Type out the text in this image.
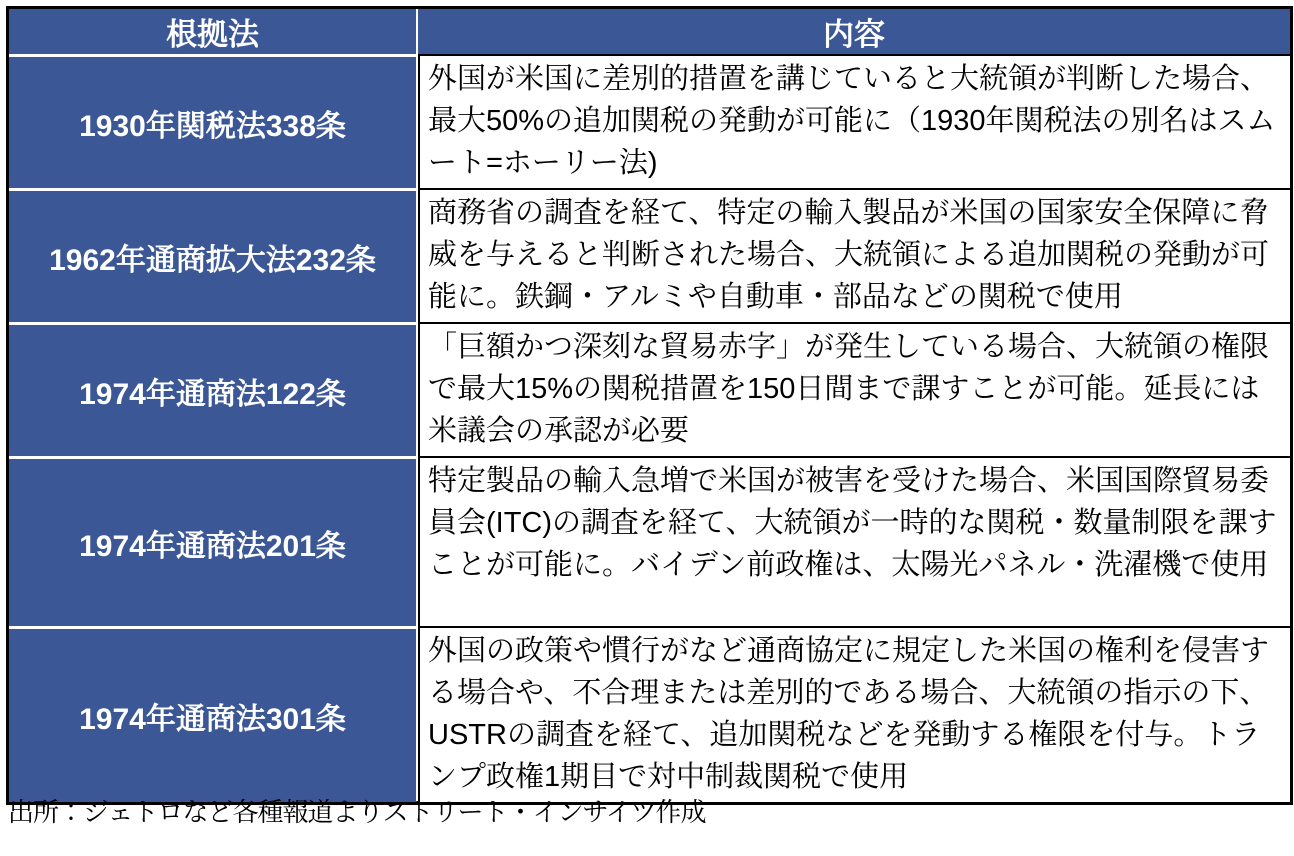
根拠法	内容
1930年関税法338条
外国が米国に差別的措置を講じていると大統領が判断した場合、最大50%の追加関税の発動が可能に（1930年関税法の別名はスムート=ホーリー法)
1962年通商拡大法232条
商務省の調査を経て、特定の輸入製品が米国の国家安全保障に脅威を与えると判断された場合、大統領による追加関税の発動が可能に。鉄鋼・アルミや自動車・部品などの関税で使用
1974年通商法122条
「巨額かつ深刻な貿易赤字」が発生している場合、大統領の権限で最大15%の関税措置を150日間まで課すことが可能。延長には米議会の承認が必要
1974年通商法201条
特定製品の輸入急増で米国が被害を受けた場合、米国国際貿易委員会(ITC)の調査を経て、大統領が一時的な関税・数量制限を課すことが可能に。バイデン前政権は、太陽光パネル・洗濯機で使用
1974年通商法301条
外国の政策や慣行がなど通商協定に規定した米国の権利を侵害する場合や、不合理または差別的である場合、大統領の指示の下、USTRの調査を経て、追加関税などを発動する権限を付与。トランプ政権1期目で対中制裁関税で使用
出所：ジェトロなど各種報道よりストリート・インサイツ作成
